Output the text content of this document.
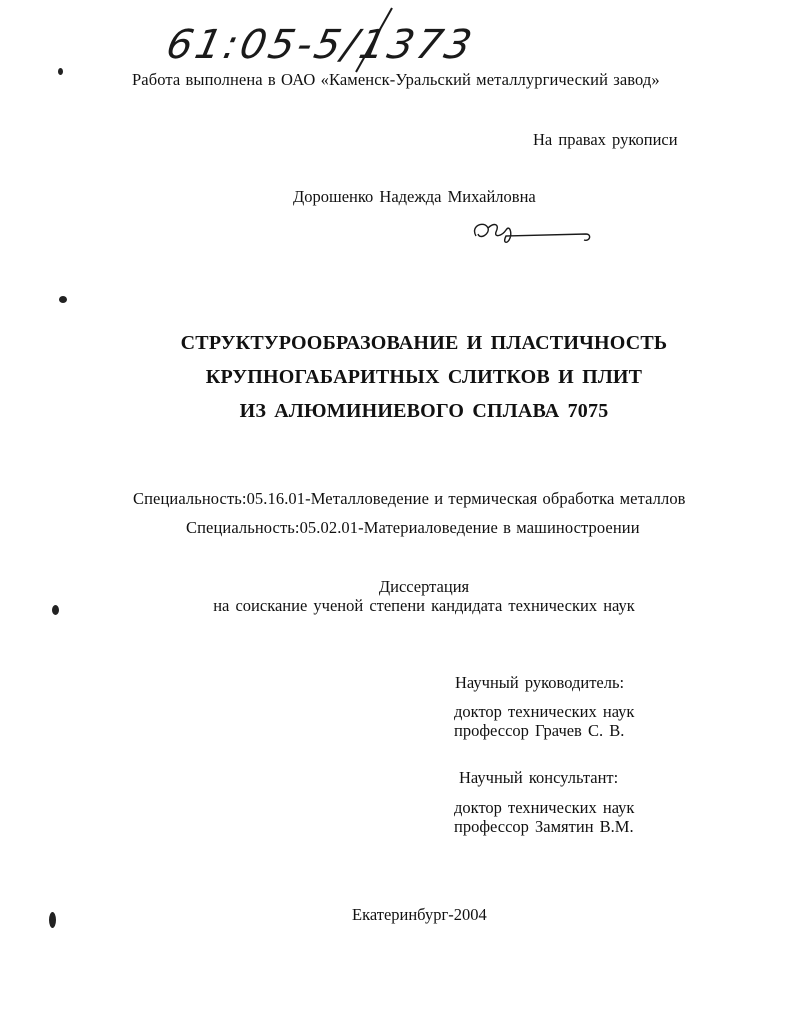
61:05-5/1373
Работа выполнена в ОАО «Каменск-Уральский металлургический завод»
На правах рукописи
Дорошенко Надежда Михайловна
СТРУКТУРООБРАЗОВАНИЕ И ПЛАСТИЧНОСТЬ
КРУПНОГАБАРИТНЫХ СЛИТКОВ И ПЛИТ
ИЗ АЛЮМИНИЕВОГО СПЛАВА 7075
Специальность:05.16.01-Металловедение и термическая обработка металлов
Специальность:05.02.01-Материаловедение в машиностроении
Диссертация
на соискание ученой степени кандидата технических наук
Научный руководитель:
доктор технических наук
профессор Грачев С. В.
Научный консультант:
доктор технических наук
профессор Замятин В.М.
Екатеринбург-2004
